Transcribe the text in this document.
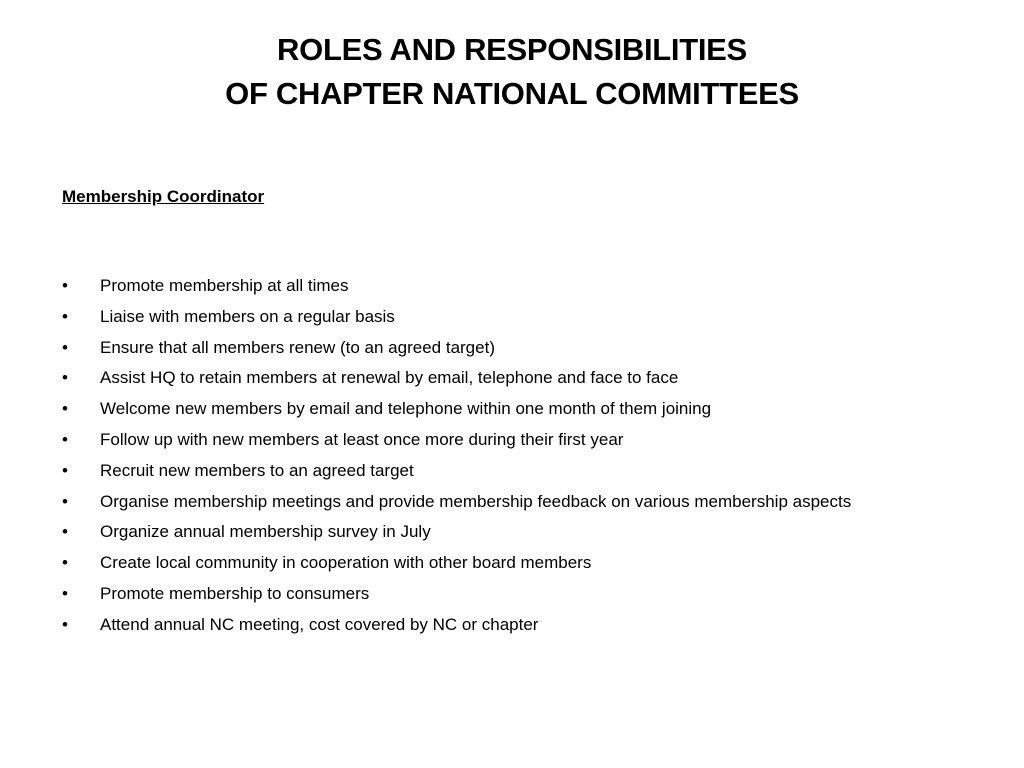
ROLES AND RESPONSIBILITIES
OF CHAPTER NATIONAL COMMITTEES
Membership Coordinator
•	Promote membership at all times
•	Liaise with members on a regular basis
•	Ensure that all members renew (to an agreed target)
•	Assist HQ to retain members at renewal by email, telephone and face to face
•	Welcome new members by email and telephone within one month of them joining
•	Follow up with new members at least once more during their first year
•	Recruit new members to an agreed target
•	Organise membership meetings and provide membership feedback on various membership aspects
•	Organize annual membership survey in July
•	Create local community in cooperation with other board members
•	Promote membership to consumers
•	Attend annual NC meeting, cost covered by NC or chapter
